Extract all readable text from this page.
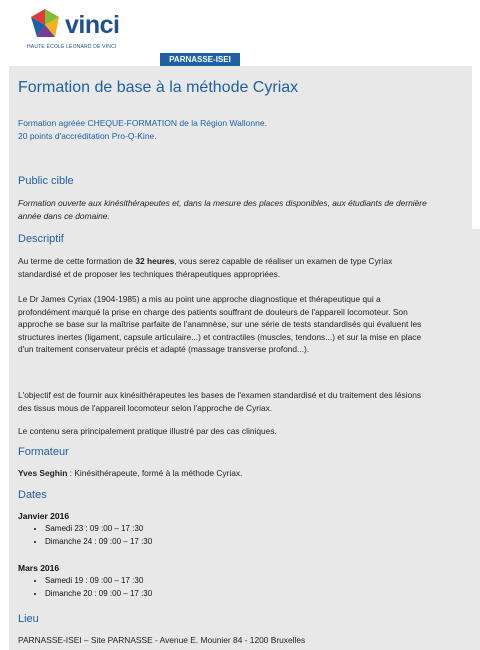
vinci
HAUTE ÉCOLE LÉONARD DE VINCI
PARNASSE-ISEI
Formation de base à la méthode Cyriax
Formation agréée CHEQUE-FORMATION de la Région Wallonne.
20 points d'accréditation Pro-Q-Kine.
Public cible
Formation ouverte aux kinésithérapeutes et, dans la mesure des places disponibles, aux étudiants de dernière année dans ce domaine.
Descriptif
Au terme de cette formation de 32 heures, vous serez capable de réaliser un examen de type Cyriax standardisé et de proposer les techniques thérapeutiques appropriées.
Le Dr James Cyriax (1904-1985) a mis au point une approche diagnostique et thérapeutique qui a profondément marqué la prise en charge des patients souffrant de douleurs de l'appareil locomoteur. Son approche se base sur la maîtrise parfaite de l'anamnèse, sur une série de tests standardisés qui évaluent les structures inertes (ligament, capsule articulaire...) et contractiles (muscles, tendons...) et sur la mise en place d'un traitement conservateur précis et adapté (massage transverse profond...).
L'objectif est de fournir aux kinésithérapeutes les bases de l'examen standardisé et du traitement des lésions des tissus mous de l'appareil locomoteur selon l'approche de Cyriax.
Le contenu sera principalement pratique illustré par des cas cliniques.
Formateur
Yves Seghin : Kinésithérapeute, formé à la méthode Cyriax.
Dates
Janvier 2016
• Samedi 23 : 09 :00 – 17 :30
• Dimanche 24 : 09 :00 – 17 :30
Mars 2016
• Samedi 19 : 09 :00 – 17 :30
• Dimanche 20 : 09 :00 – 17 :30
Lieu
PARNASSE-ISEI – Site PARNASSE - Avenue E. Mounier 84 - 1200 Bruxelles
